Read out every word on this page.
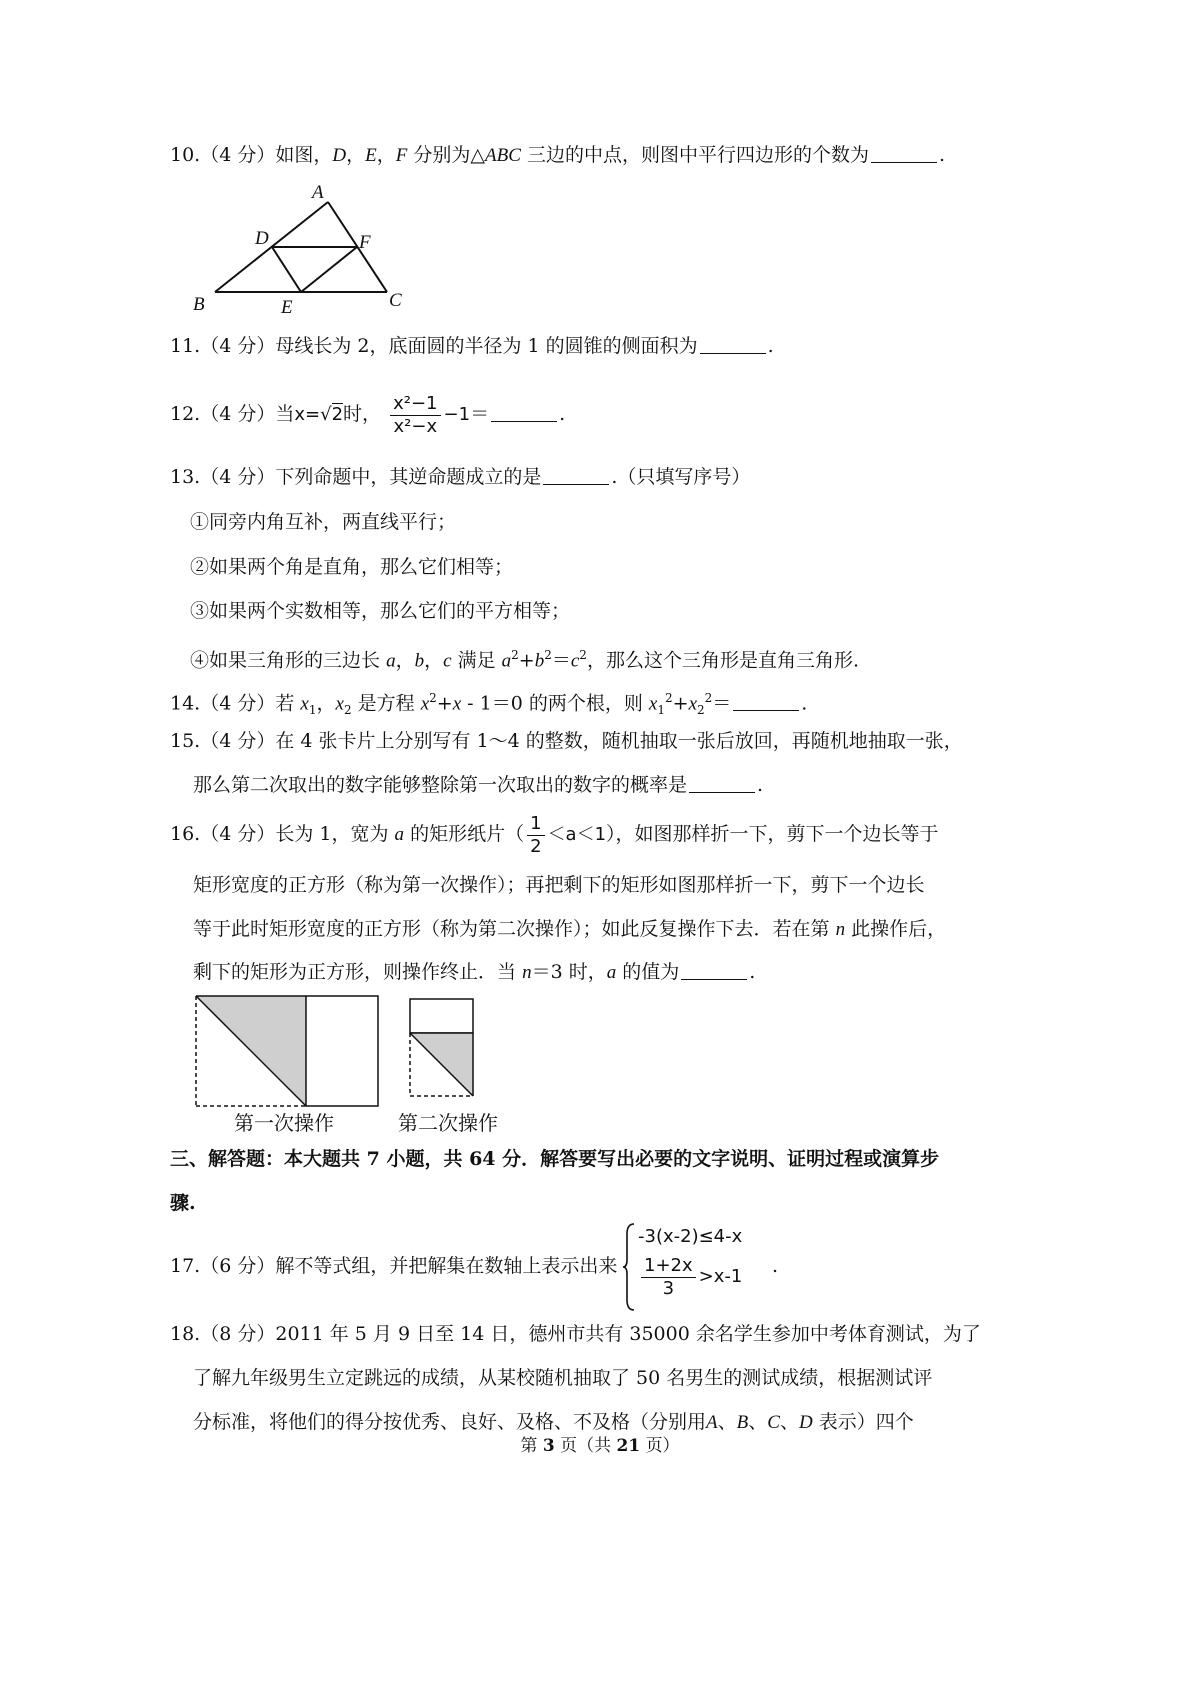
10.（4 分）如图，D，E，F 分别为△ABC 三边的中点，则图中平行四边形的个数为	.
A
D	F
B	E	C
11.（4 分）母线长为 2，底面圆的半径为 1 的圆锥的侧面积为	.
12.（4 分）当x=√2时， $\frac{\text{x²−1}}{\text{x²−x}} -1=$	.
13.（4 分）下列命题中，其逆命题成立的是	.（只填写序号）
①同旁内角互补，两直线平行；
②如果两个角是直角，那么它们相等；
③如果两个实数相等，那么它们的平方相等；
④如果三角形的三边长 a，b，c 满足 $a^2+b^2=c^2$，那么这个三角形是直角三角形.
14.（4 分）若 $x_1$，$x_2$ 是方程 $x^2+x - 1=0$ 的两个根，则 $x_1^2+x_2^2=$	.
15.（4 分）在 4 张卡片上分别写有 1～4 的整数，随机抽取一张后放回，再随机地抽取一张，
那么第二次取出的数字能够整除第一次取出的数字的概率是	.
16.（4 分）长为 1，宽为 a 的矩形纸片（ $\frac{1}{2} <a<1$），如图那样折一下，剪下一个边长等于
矩形宽度的正方形（称为第一次操作）；再把剩下的矩形如图那样折一下，剪下一个边长
等于此时矩形宽度的正方形（称为第二次操作）；如此反复操作下去．若在第 n 此操作后，
剩下的矩形为正方形，则操作终止．当 n＝3 时，a 的值为	.
第一次操作	第二次操作
三、解答题：本大题共 7 小题，共 64 分．解答要写出必要的文字说明、证明过程或演算步
骤.
17.（6 分）解不等式组，并把解集在数轴上表示出来
-3(x-2)≤4-x
$\frac{1+2x}{3} >x-1$ .
18.（8 分）2011 年 5 月 9 日至 14 日，德州市共有 35000 余名学生参加中考体育测试，为了
了解九年级男生立定跳远的成绩，从某校随机抽取了 50 名男生的测试成绩，根据测试评
分标准，将他们的得分按优秀、良好、及格、不及格（分别用A、B、C、D 表示）四个
第 3 页（共 21 页）
